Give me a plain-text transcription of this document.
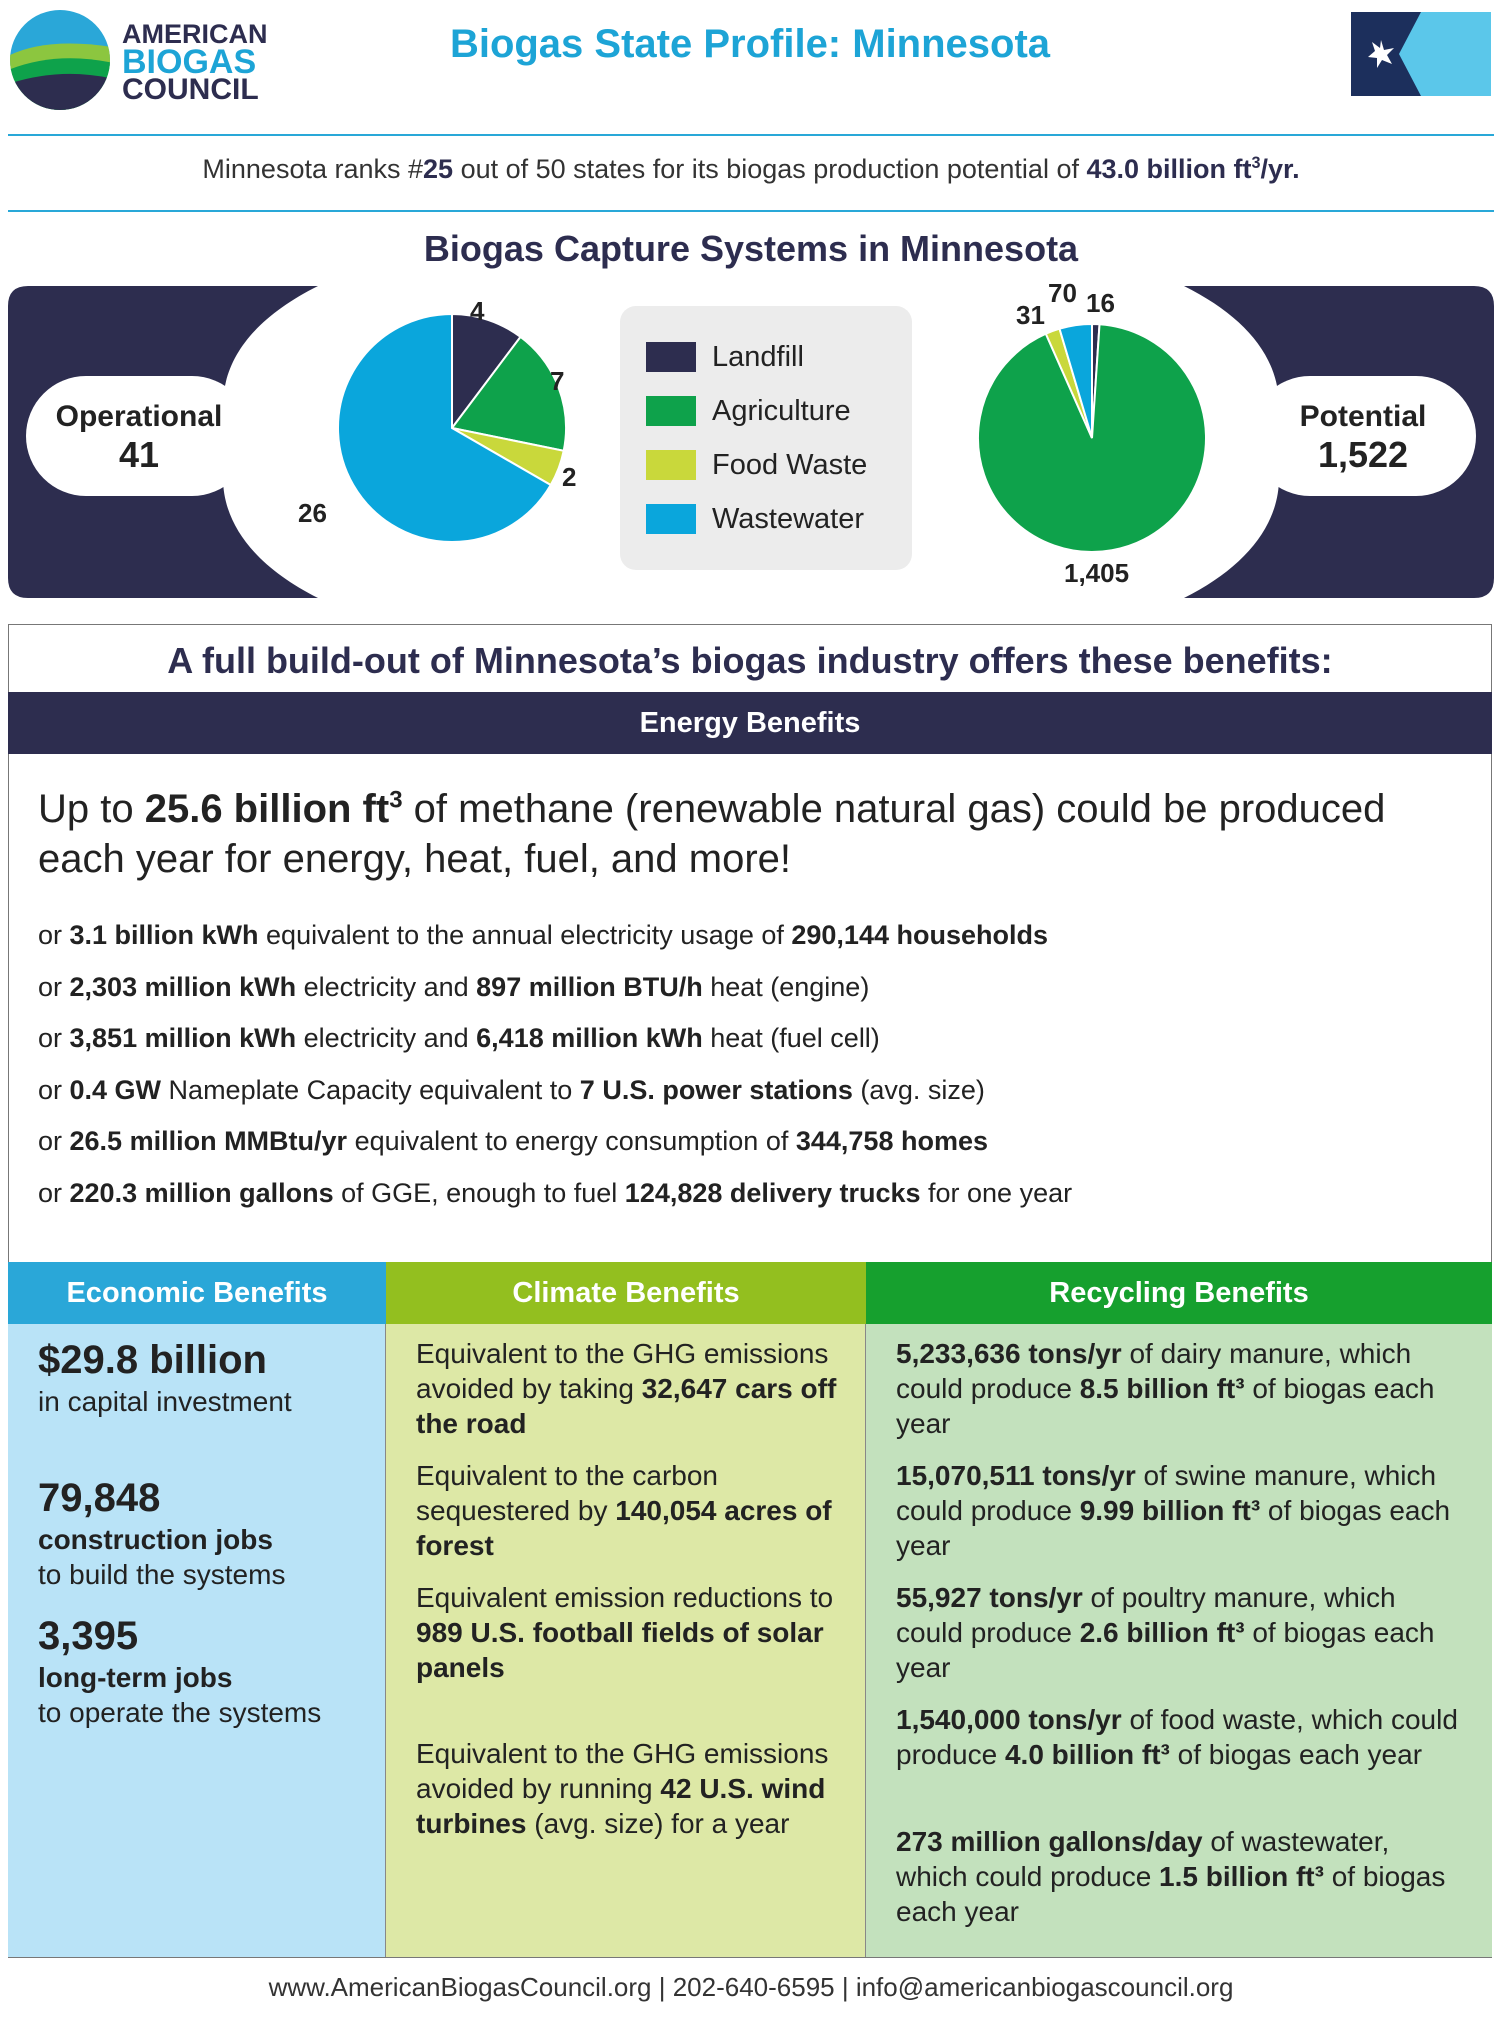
AMERICAN
BIOGAS
COUNCIL
Biogas State Profile: Minnesota
Minnesota ranks #25 out of 50 states for its biogas production potential of 43.0 billion $ft^3/yr$.
Biogas Capture Systems in Minnesota
Operational
41
Potential
1,522
4
7
2
26
16
1,405
31
70
Landfill
Agriculture
Food Waste
Wastewater
A full build-out of Minnesota’s biogas industry offers these benefits:
Energy Benefits
Up to 25.6 billion $ft^3$ of methane (renewable natural gas) could be produced each year for energy, heat, fuel, and more!
or 3.1 billion kWh equivalent to the annual electricity usage of 290,144 households
or 2,303 million kWh electricity and 897 million BTU/h heat (engine)
or 3,851 million kWh electricity and 6,418 million kWh heat (fuel cell)
or 0.4 GW Nameplate Capacity equivalent to 7 U.S. power stations (avg. size)
or 26.5 million MMBtu/yr equivalent to energy consumption of 344,758 homes
or 220.3 million gallons of GGE, enough to fuel 124,828 delivery trucks for one year
Economic Benefits	Climate Benefits	Recycling Benefits
$29.8 billion
in capital investment
79,848
construction jobs
to build the systems
3,395
long-term jobs
to operate the systems
Equivalent to the GHG emissions avoided by taking 32,647 cars off the road
Equivalent to the carbon sequestered by 140,054 acres of forest
Equivalent emission reductions to 989 U.S. football fields of solar panels
Equivalent to the GHG emissions avoided by running 42 U.S. wind turbines (avg. size) for a year
5,233,636 tons/yr of dairy manure, which could produce 8.5 billion ft³ of biogas each year
15,070,511 tons/yr of swine manure, which could produce 9.99 billion ft³ of biogas each year
55,927 tons/yr of poultry manure, which could produce 2.6 billion ft³ of biogas each year
1,540,000 tons/yr of food waste, which could produce 4.0 billion ft³ of biogas each year
273 million gallons/day of wastewater, which could produce 1.5 billion ft³ of biogas each year
www.AmericanBiogasCouncil.org | 202-640-6595 | info@americanbiogascouncil.org
